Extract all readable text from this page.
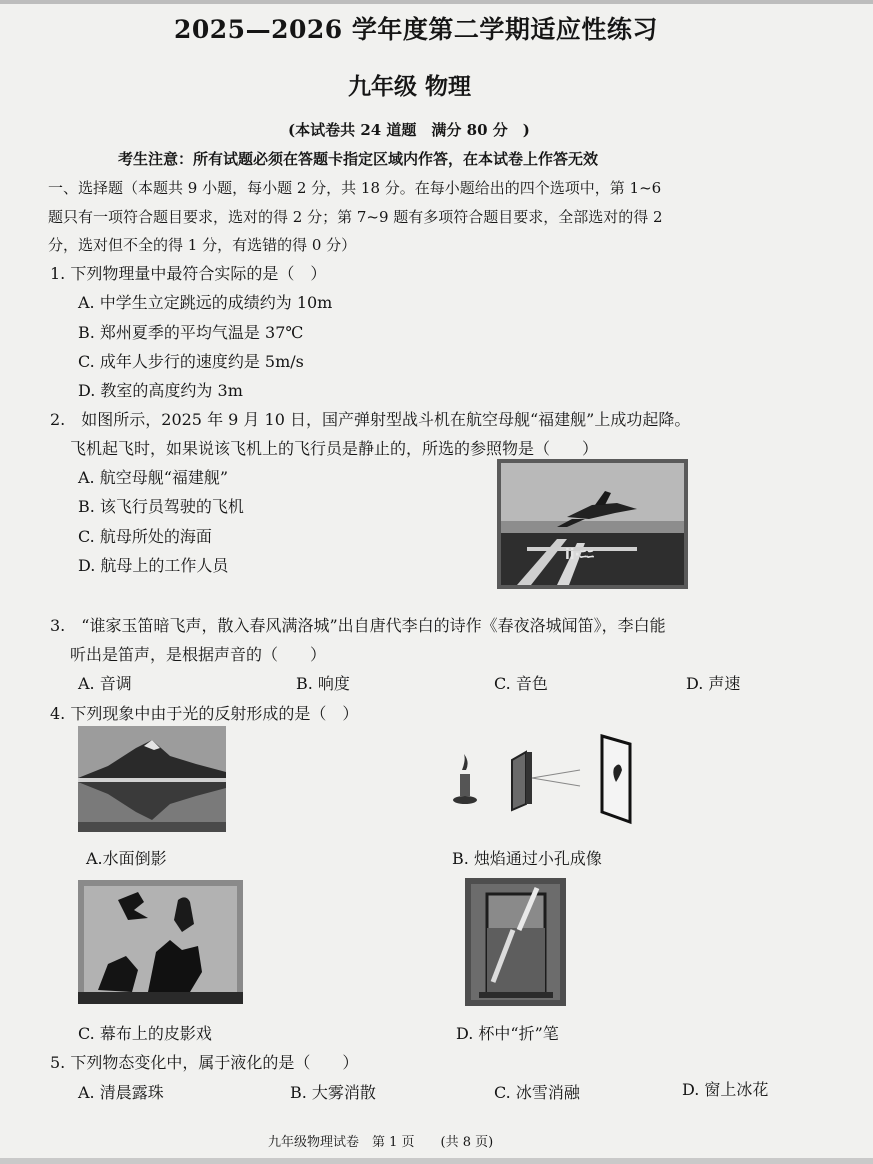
2025—2026 学年度第二学期适应性练习
九年级 物理
(本试卷共 24 道题　满分 80 分　)
考生注意：所有试题必须在答题卡指定区域内作答，在本试卷上作答无效
一、选择题（本题共 9 小题，每小题 2 分，共 18 分。在每小题给出的四个选项中，第 1~6
题只有一项符合题目要求，选对的得 2 分；第 7~9 题有多项符合题目要求，全部选对的得 2
分，选对但不全的得 1 分，有选错的得 0 分）
1. 下列物理量中最符合实际的是（　）
A. 中学生立定跳远的成绩约为 10m
B. 郑州夏季的平均气温是 37℃
C. 成年人步行的速度约是 5m/s
D. 教室的高度约为 3m
2.　如图所示，2025 年 9 月 10 日，国产弹射型战斗机在航空母舰“福建舰”上成功起降。
飞机起飞时，如果说该飞机上的飞行员是静止的，所选的参照物是（　　）
A. 航空母舰“福建舰”
B. 该飞行员驾驶的飞机
C. 航母所处的海面
D. 航母上的工作人员
ii·ﾆﾆ
3.　“谁家玉笛暗飞声，散入春风满洛城”出自唐代李白的诗作《春夜洛城闻笛》，李白能
听出是笛声，是根据声音的（　　）
A. 音调	B. 响度	C. 音色	D. 声速
4. 下列现象中由于光的反射形成的是（　）
A.水面倒影	B. 烛焰通过小孔成像
C. 幕布上的皮影戏	D. 杯中“折”笔
5. 下列物态变化中，属于液化的是（　　）
A. 清晨露珠	B. 大雾消散	C. 冰雪消融	D. 窗上冰花
九年级物理试卷　第 1 页　　(共 8 页)
